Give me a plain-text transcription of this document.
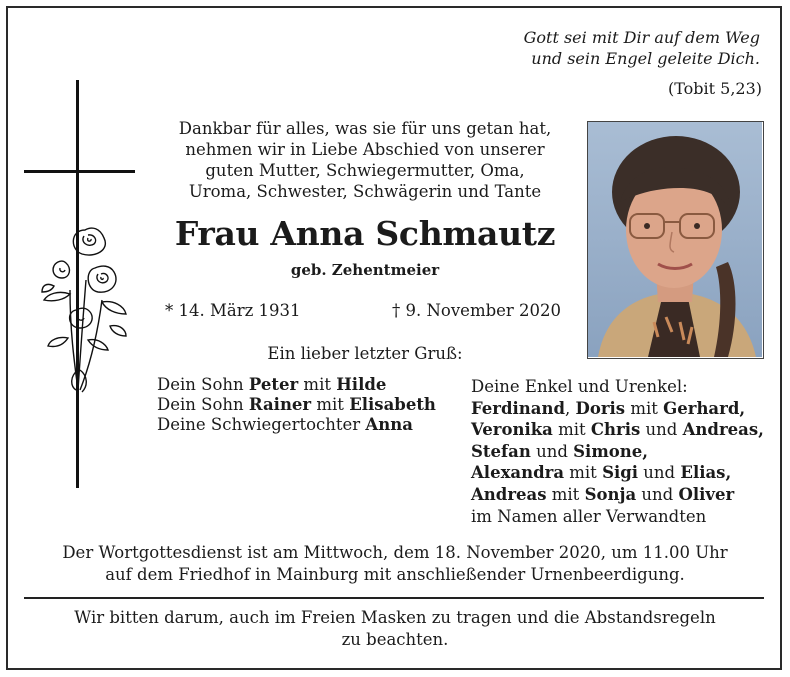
Gott sei mit Dir auf dem Weg
und sein Engel geleite Dich.
(Tobit 5,23)
Dankbar für alles, was sie für uns getan hat,
nehmen wir in Liebe Abschied von unserer
guten Mutter, Schwiegermutter, Oma,
Uroma, Schwester, Schwägerin und Tante
Frau Anna Schmautz
geb. Zehentmeier
* 14. März 1931	† 9. November 2020
Ein lieber letzter Gruß:
Dein Sohn Peter mit Hilde
Dein Sohn Rainer mit Elisabeth
Deine Schwiegertochter Anna
Deine Enkel und Urenkel:
Ferdinand, Doris mit Gerhard,
Veronika mit Chris und Andreas,
Stefan und Simone,
Alexandra mit Sigi und Elias,
Andreas mit Sonja und Oliver
im Namen aller Verwandten
Der Wortgottesdienst ist am Mittwoch, dem 18. November 2020, um 11.00 Uhr
auf dem Friedhof in Mainburg mit anschließender Urnenbeerdigung.
Wir bitten darum, auch im Freien Masken zu tragen und die Abstandsregeln
zu beachten.
